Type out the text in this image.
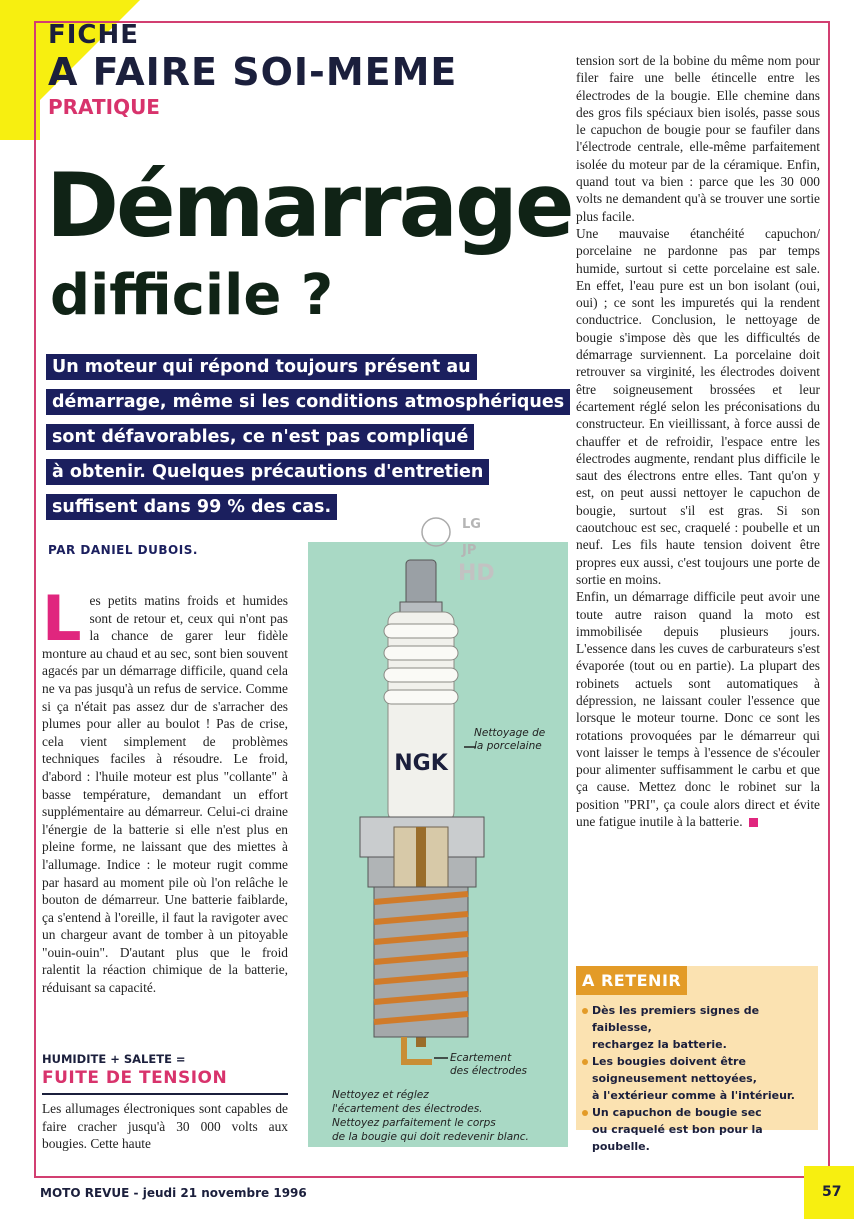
FICHE
A FAIRE SOI-MEME
PRATIQUE
Démarrage
difficile ?
Un moteur qui répond toujours présent au
démarrage, même si les conditions atmosphériques
sont défavorables, ce n'est pas compliqué
à obtenir. Quelques précautions d'entretien
suffisent dans 99 % des cas.
PAR DANIEL DUBOIS.
Les petits matins froids et humides sont de retour et, ceux qui n'ont pas la chance de garer leur fidèle monture au chaud et au sec, sont bien souvent agacés par un démarrage difficile, quand cela ne va pas jusqu'à un refus de service. Comme si ça n'était pas assez dur de s'arracher des plumes pour aller au boulot ! Pas de crise, cela vient simplement de problèmes techniques faciles à résoudre. Le froid, d'abord : l'huile moteur est plus "collante" à basse température, demandant un effort supplémentaire au démarreur. Celui-ci draine l'énergie de la batterie si elle n'est plus en pleine forme, ne laissant que des miettes à l'allumage. Indice : le moteur rugit comme par hasard au moment pile où l'on relâche le bouton de démarreur. Une batterie faiblarde, ça s'entend à l'oreille, il faut la ravigoter avec un chargeur avant de tomber à un pitoyable "ouin-ouin". D'autant plus que le froid ralentit la réaction chimique de la batterie, réduisant sa capacité.
HUMIDITE + SALETE =
FUITE DE TENSION
Les allumages électroniques sont capables de faire cracher jusqu'à 30 000 volts aux bougies. Cette haute

tension sort de la bobine du même nom pour filer faire une belle étincelle entre les électrodes de la bougie. Elle chemine dans des gros fils spéciaux bien isolés, passe sous le capuchon de bougie pour se faufiler dans l'électrode centrale, elle-même parfaitement isolée du moteur par de la céramique. Enfin, quand tout va bien : parce que les 30 000 volts ne demandent qu'à se trouver une sortie plus facile.

Une mauvaise étanchéité capuchon/ porcelaine ne pardonne pas par temps humide, surtout si cette porcelaine est sale. En effet, l'eau pure est un bon isolant (oui, oui) ; ce sont les impuretés qui la rendent conductrice. Conclusion, le nettoyage de bougie s'impose dès que les difficultés de démarrage surviennent. La porcelaine doit retrouver sa virginité, les électrodes doivent être soigneusement brossées et leur écartement réglé selon les préconisations du constructeur. En vieillissant, à force aussi de chauffer et de refroidir, l'espace entre les électrodes augmente, rendant plus difficile le saut des électrons entre elles. Tant qu'on y est, on peut aussi nettoyer le capuchon de bougie, surtout s'il est gras. Si son caoutchouc est sec, craquelé : poubelle et un neuf. Les fils haute tension doivent être propres eux aussi, c'est toujours une porte de sortie en moins.

Enfin, un démarrage difficile peut avoir une toute autre raison quand la moto est immobilisée depuis plusieurs jours. L'essence dans les cuves de carburateurs s'est évaporée (tout ou en partie). La plupart des robinets actuels sont automatiques à dépression, ne laissant couler l'essence que lorsque le moteur tourne. Donc ce sont les rotations provoquées par le démarreur qui vont laisser le temps à l'essence de s'écouler pour alimenter suffisamment le carbu et que ça cause. Mettez donc le robinet sur la position "PRI", ça coule alors direct et évite une fatigue inutile à la batterie.

NGK
LG
JP
HD
Nettoyage de
la porcelaine
Ecartement
des électrodes
Nettoyez et réglez
l'écartement des électrodes.
Nettoyez parfaitement le corps
de la bougie qui doit redevenir blanc.
A RETENIR
Dès les premiers signes de faiblesse,
rechargez la batterie.
Les bougies doivent être
soigneusement nettoyées,
à l'extérieur comme à l'intérieur.
Un capuchon de bougie sec
ou craquelé est bon pour la poubelle.
MOTO REVUE - jeudi 21 novembre 1996	57
